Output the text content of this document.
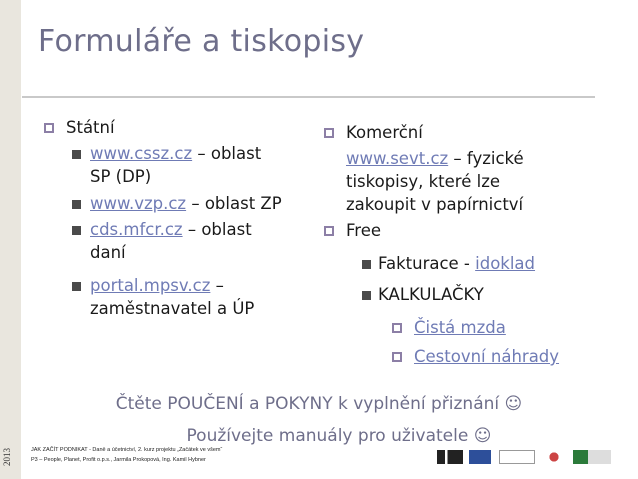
2013
Formuláře a tiskopisy
Státní
www.cssz.cz – oblast
SP (DP)
www.vzp.cz – oblast ZP
cds.mfcr.cz – oblast
daní
portal.mpsv.cz –
zaměstnavatel a ÚP
Komerční
www.sevt.cz – fyzické
tiskopisy, které lze
zakoupit v papírnictví
Free
Fakturace - idoklad
KALKULAČKY
Čistá mzda
Cestovní náhrady
Čtěte POUČENÍ a POKYNY k vyplnění přiznání ☺
Používejte manuály pro uživatele ☺
JAK ZAČÍT PODNIKAT - Daně a účetnictví, 2. kurz projektu „Začátek ve všem“
P3 – People, Planet, Profit o.p.s., Jarmila Prokopová, Ing. Kamil Hybner
